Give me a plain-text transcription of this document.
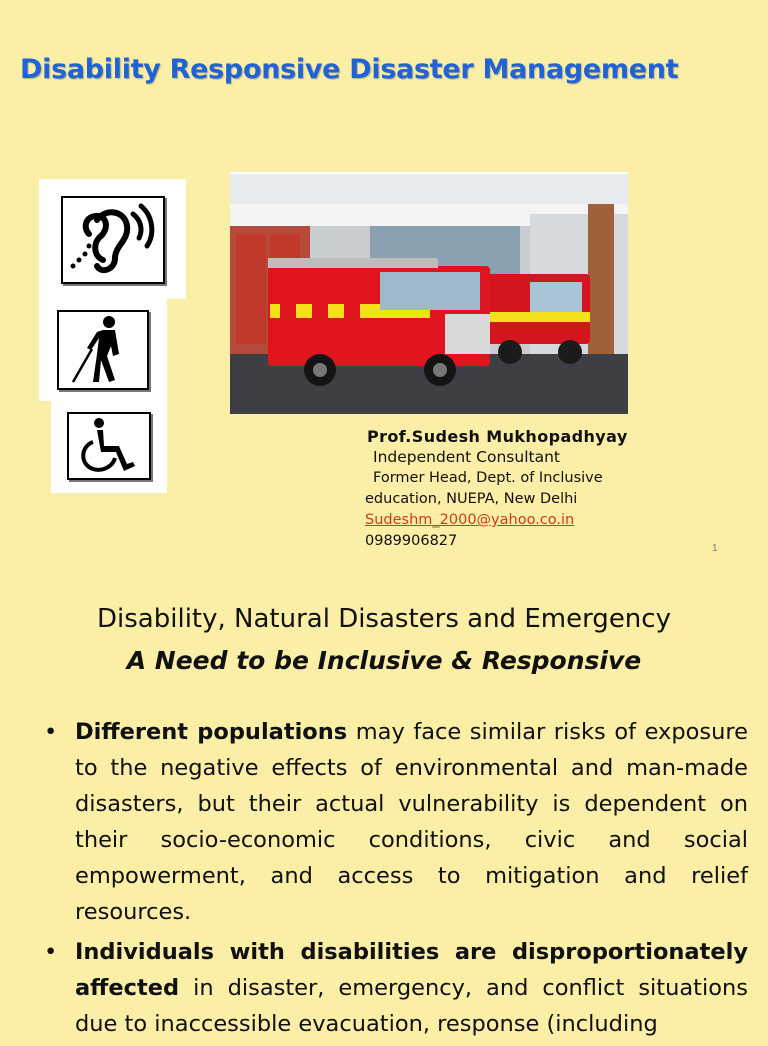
Disability Responsive Disaster Management
Prof.Sudesh Mukhopadhyay
Independent Consultant
Former Head, Dept. of Inclusive
education, NUEPA, New Delhi
Sudeshm_2000@yahoo.co.in
0989906827	1
Disability, Natural Disasters and Emergency
A Need to be Inclusive & Responsive
• Different populations may face similar risks of exposure to the negative effects of environmental and man-made disasters, but their actual vulnerability is dependent on their socio-economic conditions, civic and social empowerment, and access to mitigation and relief resources.
• Individuals with disabilities are disproportionately affected in disaster, emergency, and conflict situations due to inaccessible evacuation, response (including
